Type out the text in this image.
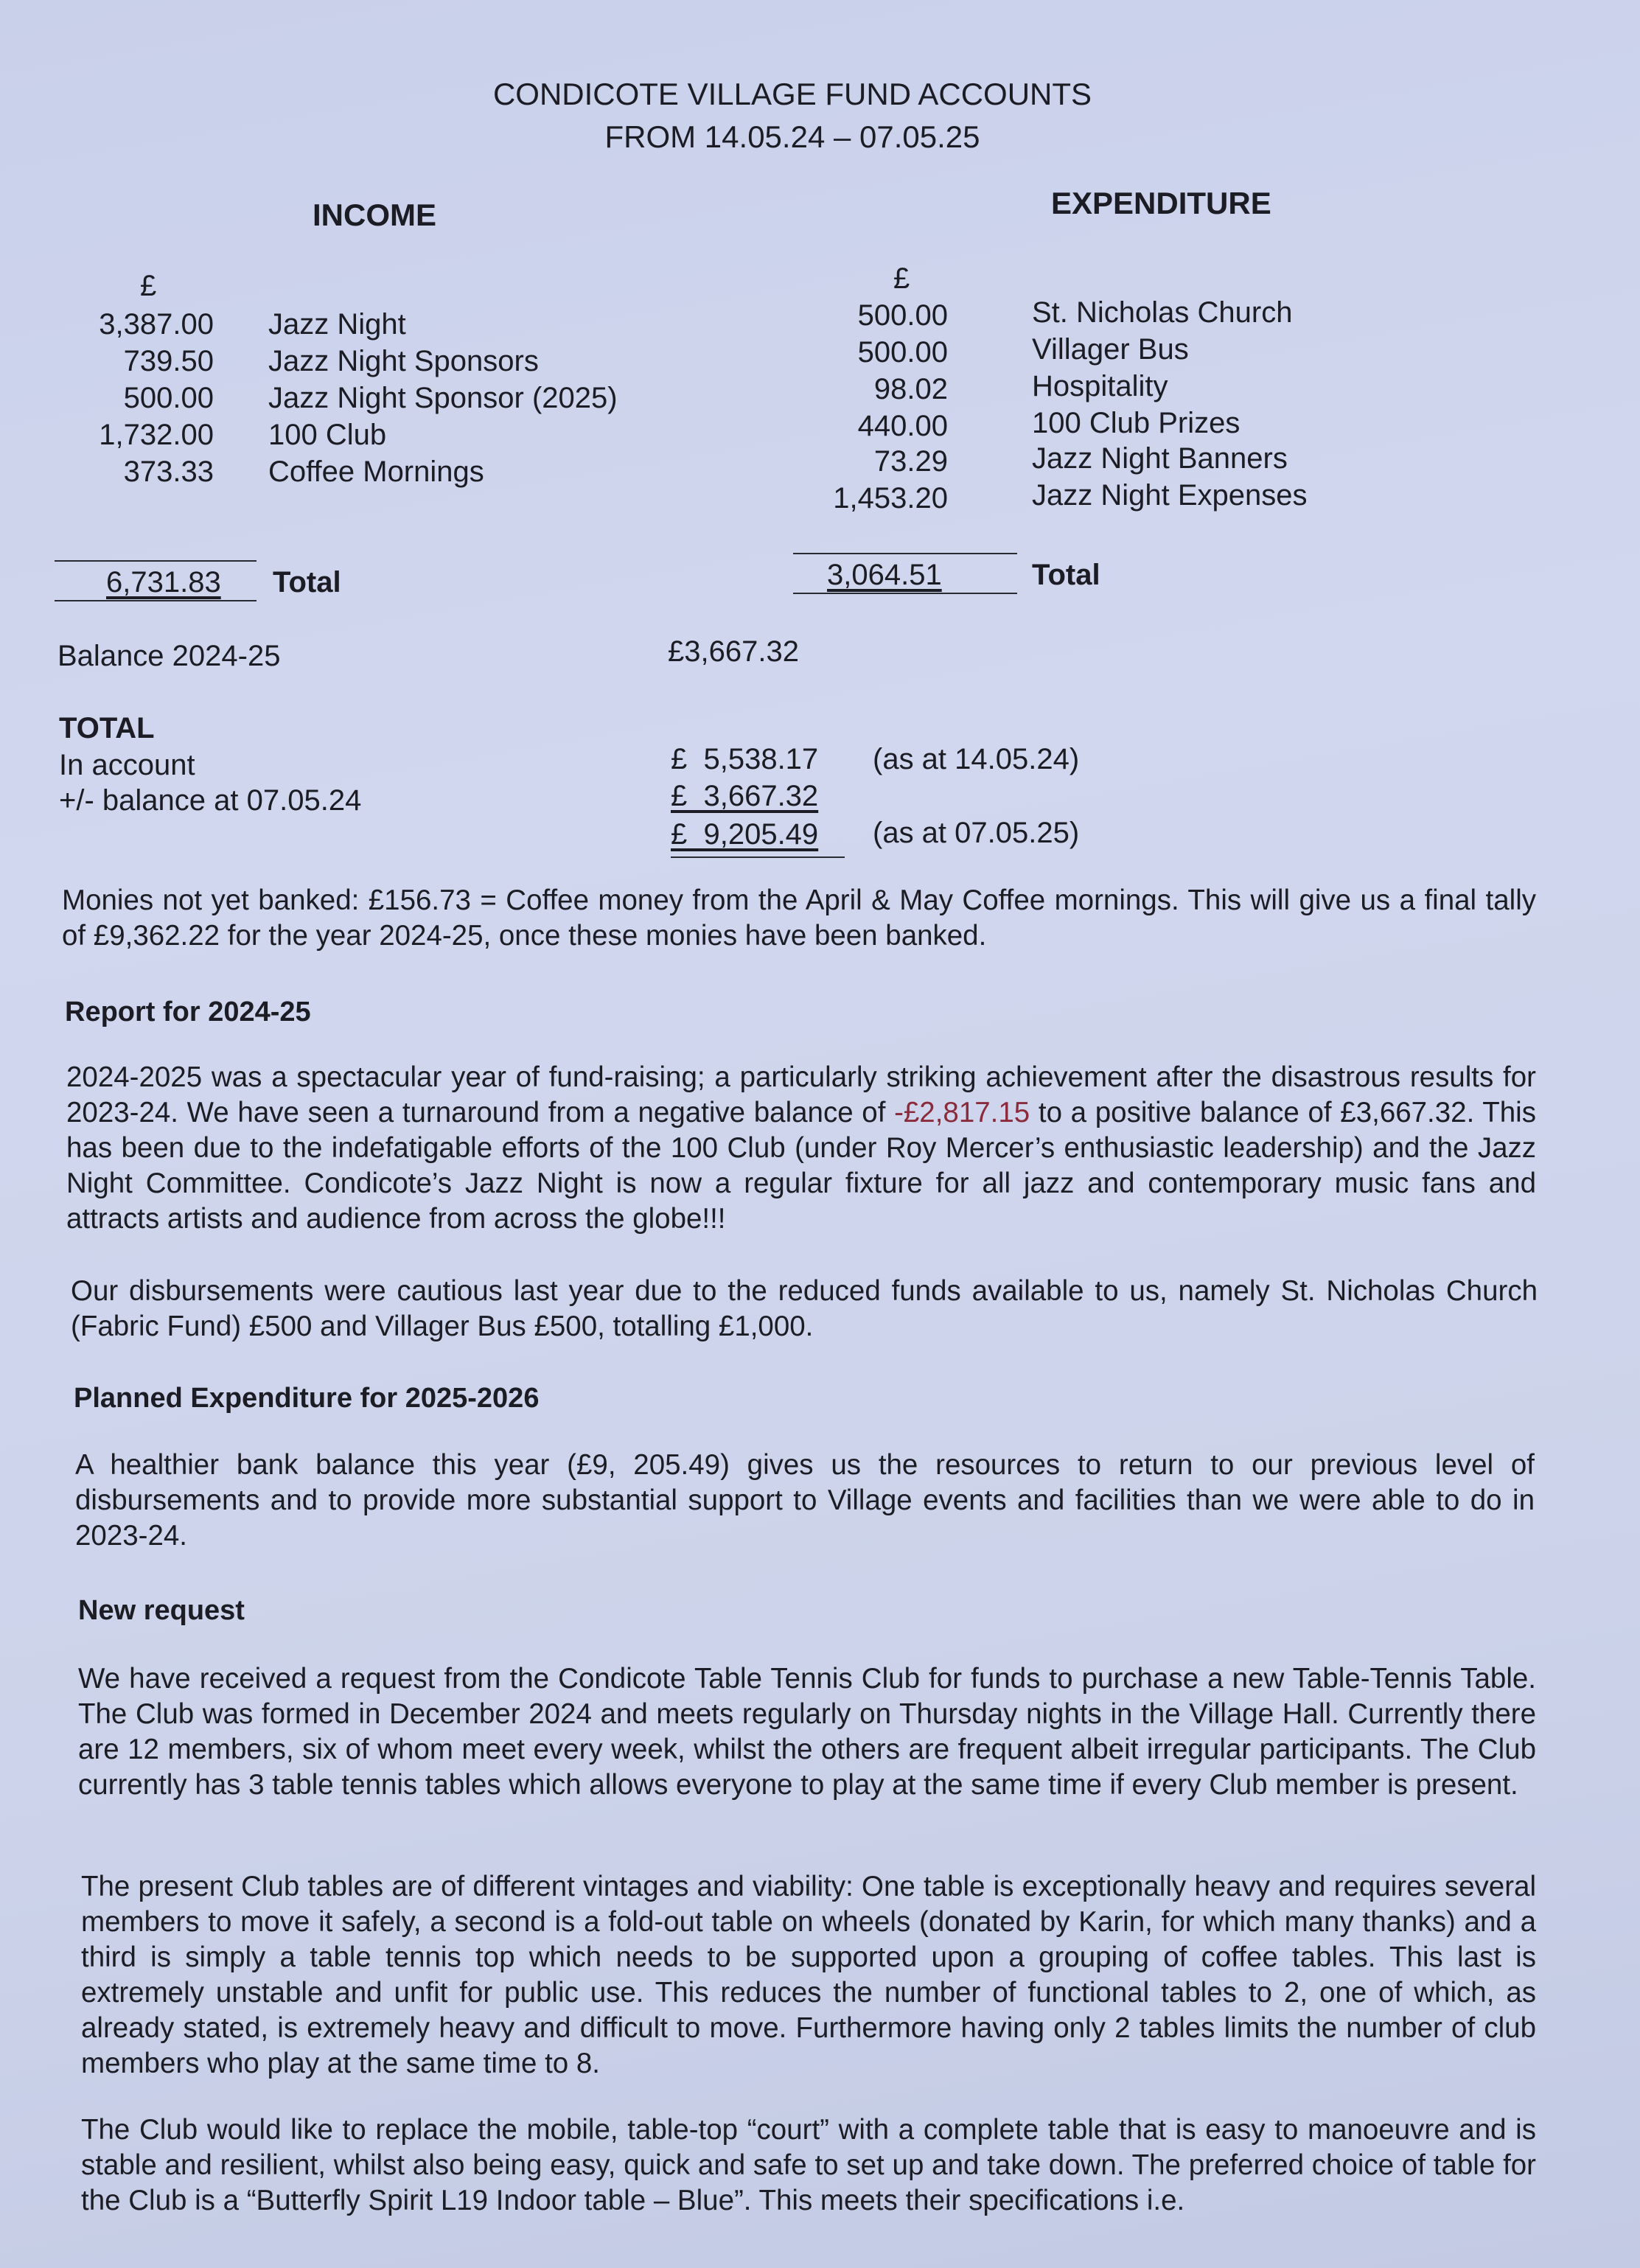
CONDICOTE VILLAGE FUND ACCOUNTS
FROM 14.05.24 – 07.05.25
INCOME
£
3,387.00 Jazz Night
739.50 Jazz Night Sponsors
500.00 Jazz Night Sponsor (2025)
1,732.00 100 Club
373.33 Coffee Mornings
6,731.83 Total
EXPENDITURE
£
500.00	St. Nicholas Church
500.00	Villager Bus
98.02	Hospitality
440.00	100 Club Prizes
73.29	Jazz Night Banners
1,453.20	Jazz Night Expenses
3,064.51	Total
Balance 2024-25	£3,667.32
TOTAL
In account	£  5,538.17 (as at 14.05.24)
+/- balance at 07.05.24	£  3,667.32
£  9,205.49 (as at 07.05.25)
Monies not yet banked: £156.73 = Coffee money from the April & May Coffee mornings. This will give us a final tally of £9,362.22 for the year 2024-25, once these monies have been banked.
Report for 2024-25
2024-2025 was a spectacular year of fund-raising; a particularly striking achievement after the disastrous results for 2023-24. We have seen a turnaround from a negative balance of -£2,817.15 to a positive balance of £3,667.32. This has been due to the indefatigable efforts of the 100 Club (under Roy Mercer’s enthusiastic leadership) and the Jazz Night Committee. Condicote’s Jazz Night is now a regular fixture for all jazz and contemporary music fans and attracts artists and audience from across the globe!!!
Our disbursements were cautious last year due to the reduced funds available to us, namely St. Nicholas Church (Fabric Fund) £500 and Villager Bus £500, totalling £1,000.
Planned Expenditure for 2025-2026
A healthier bank balance this year (£9, 205.49) gives us the resources to return to our previous level of disbursements and to provide more substantial support to Village events and facilities than we were able to do in 2023-24.
New request
We have received a request from the Condicote Table Tennis Club for funds to purchase a new Table-Tennis Table. The Club was formed in December 2024 and meets regularly on Thursday nights in the Village Hall. Currently there are 12 members, six of whom meet every week, whilst the others are frequent albeit irregular participants. The Club currently has 3 table tennis tables which allows everyone to play at the same time if every Club member is present.
The present Club tables are of different vintages and viability: One table is exceptionally heavy and requires several members to move it safely, a second is a fold-out table on wheels (donated by Karin, for which many thanks) and a third is simply a table tennis top which needs to be supported upon a grouping of coffee tables. This last is extremely unstable and unfit for public use. This reduces the number of functional tables to 2, one of which, as already stated, is extremely heavy and difficult to move. Furthermore having only 2 tables limits the number of club members who play at the same time to 8.
The Club would like to replace the mobile, table-top “court” with a complete table that is easy to manoeuvre and is stable and resilient, whilst also being easy, quick and safe to set up and take down. The preferred choice of table for the Club is a “Butterfly Spirit L19 Indoor table – Blue”. This meets their specifications i.e.
